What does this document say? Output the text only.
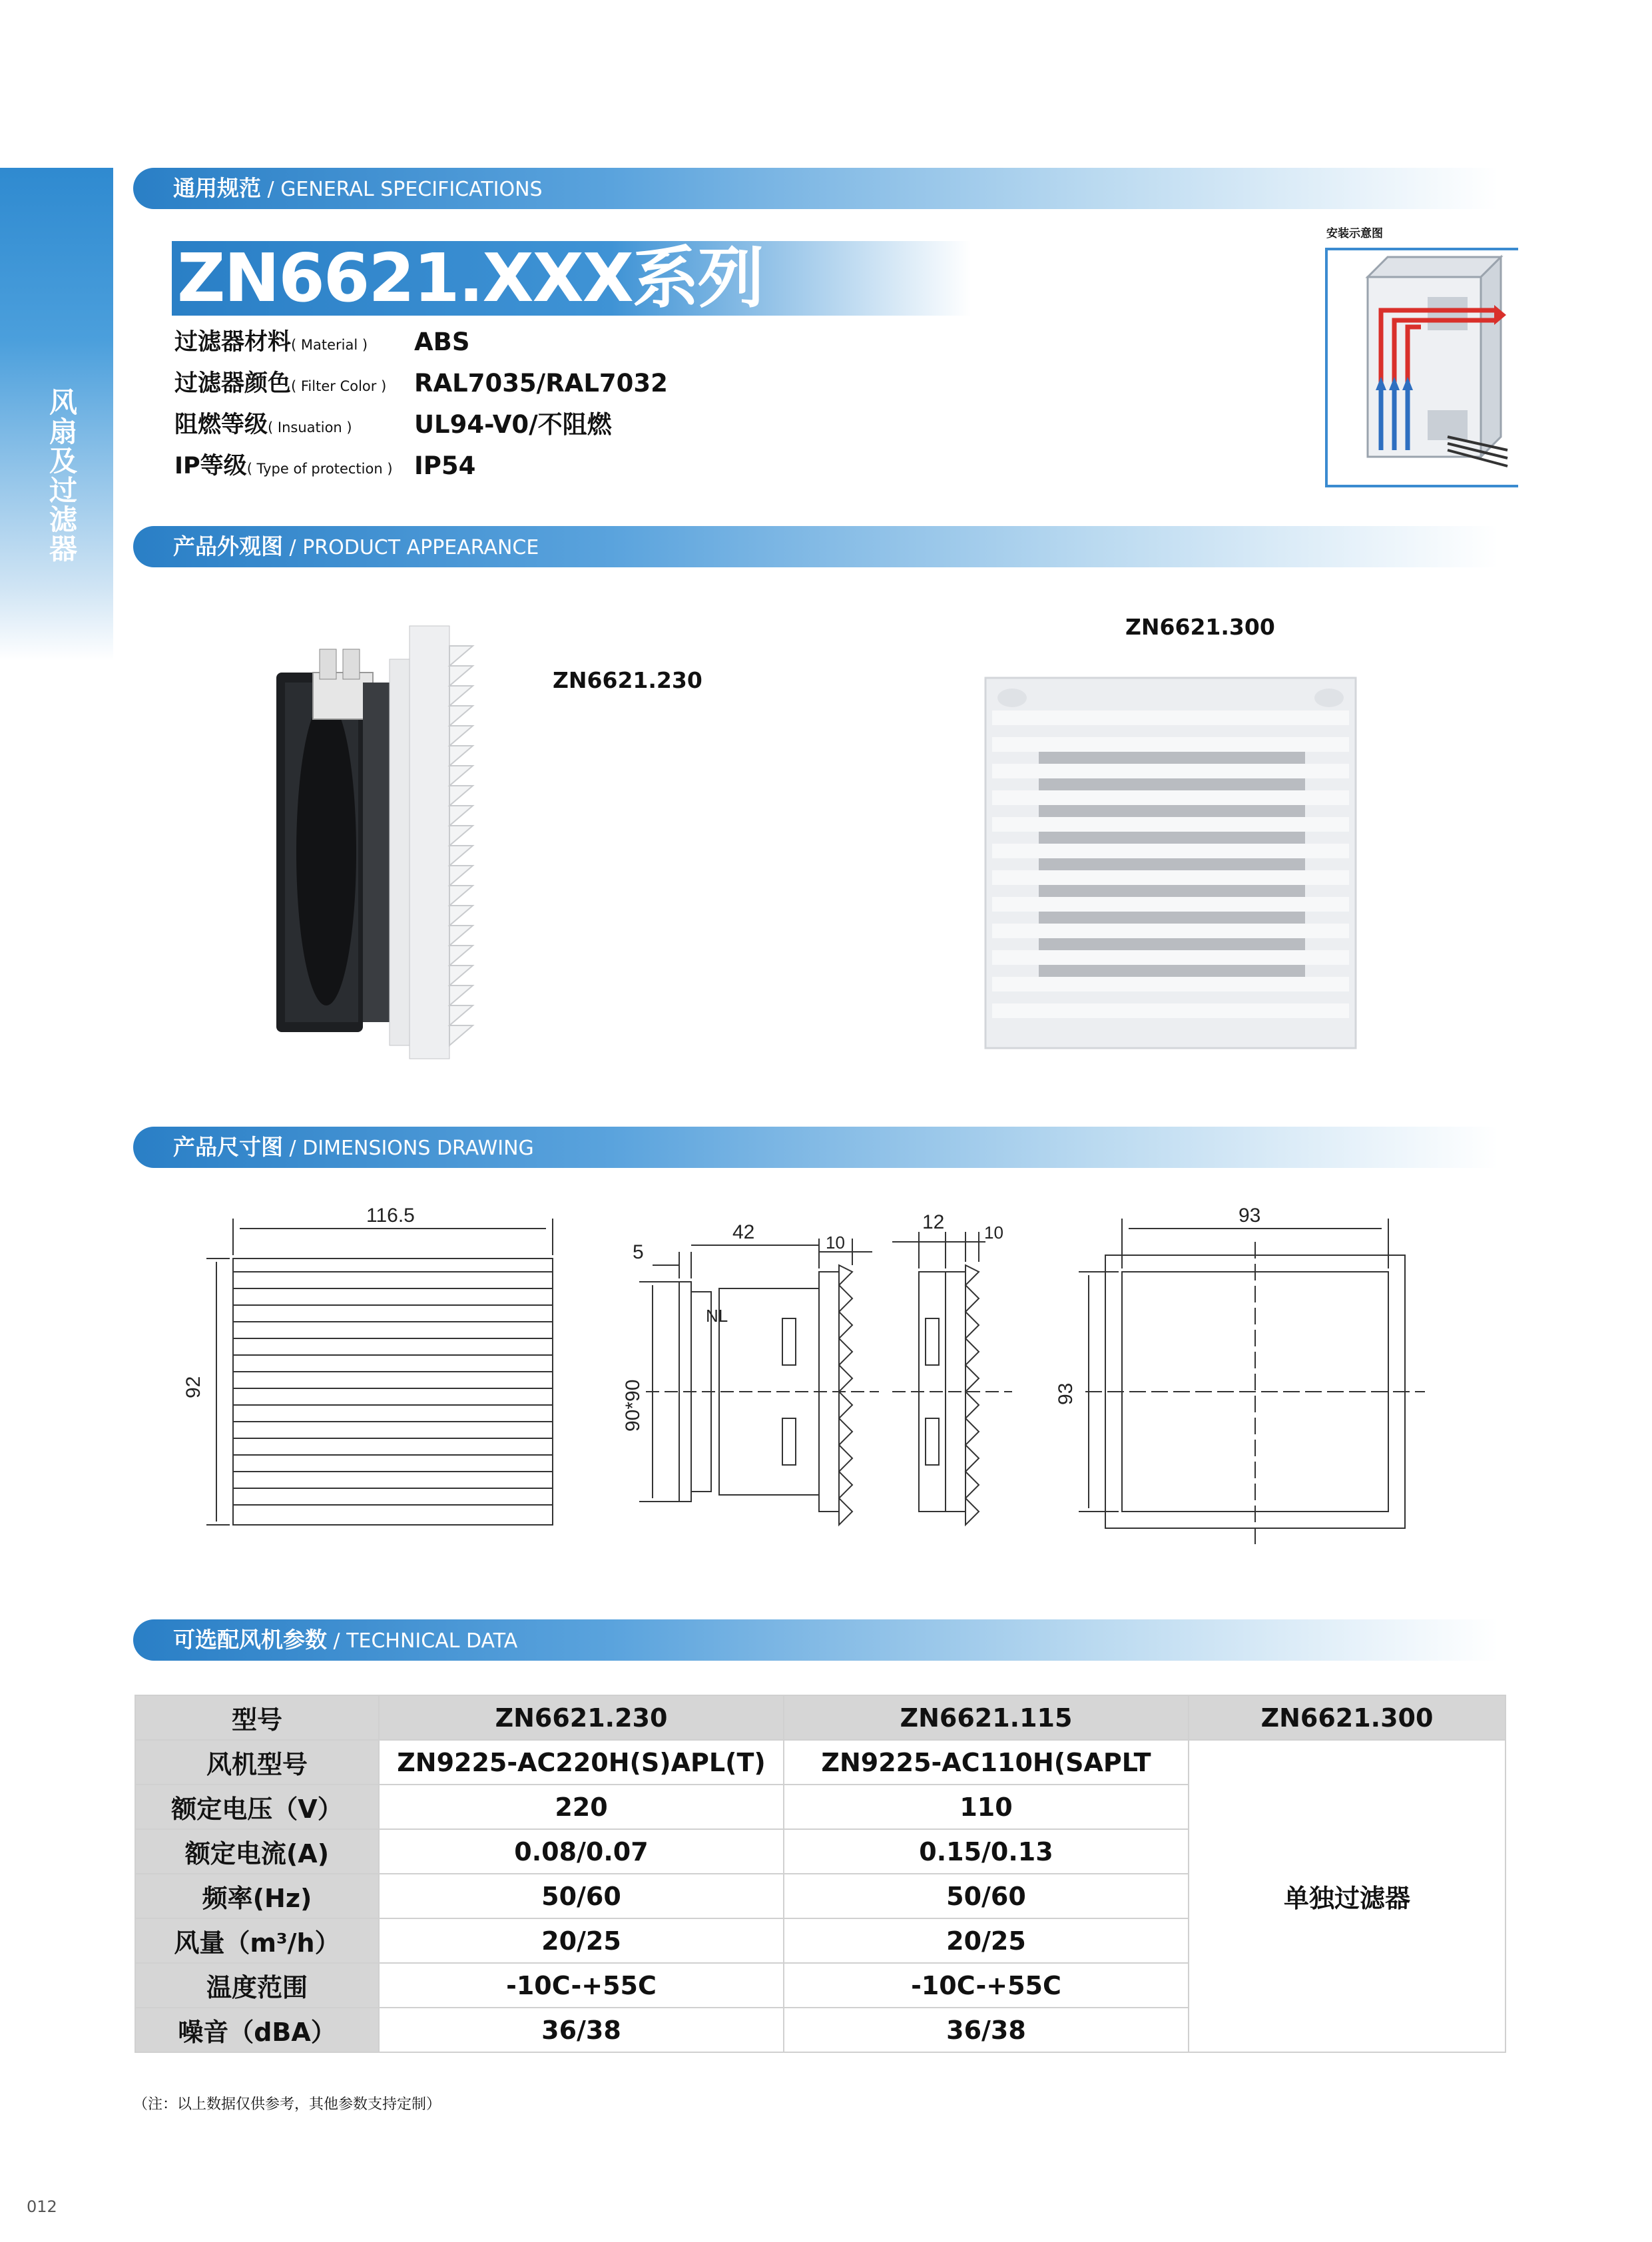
风扇及过滤器
通用规范 / GENERAL SPECIFICATIONS
ZN6621.XXX系列
过滤器材料( Material ) ABS
过滤器颜色( Filter Color ) RAL7035/RAL7032
阻燃等级( Insuation )	UL94-V0/不阻燃
IP等级( Type of protection ) IP54
安装示意图
产品外观图 / PRODUCT APPEARANCE
ZN6621.230
ZN6621.300
产品尺寸图 / DIMENSIONS DRAWING
116.5
92
5
42	10
90*90
NL
12 10
93
93
可选配风机参数 / TECHNICAL DATA
型号	ZN6621.230	ZN6621.115	ZN6621.300
风机型号	ZN9225-AC220H(S)APL(T)	ZN9225-AC110H(SAPLT	单独过滤器
额定电压（V）	220	110	
额定电流(A)	0.08/0.07	0.15/0.13	
频率(Hz)	50/60	50/60	
风量（m³/h）	20/25	20/25	
温度范围	-10C-+55C	-10C-+55C	
噪音（dBA）	36/38	36/38	
（注：以上数据仅供参考，其他参数支持定制）
012
